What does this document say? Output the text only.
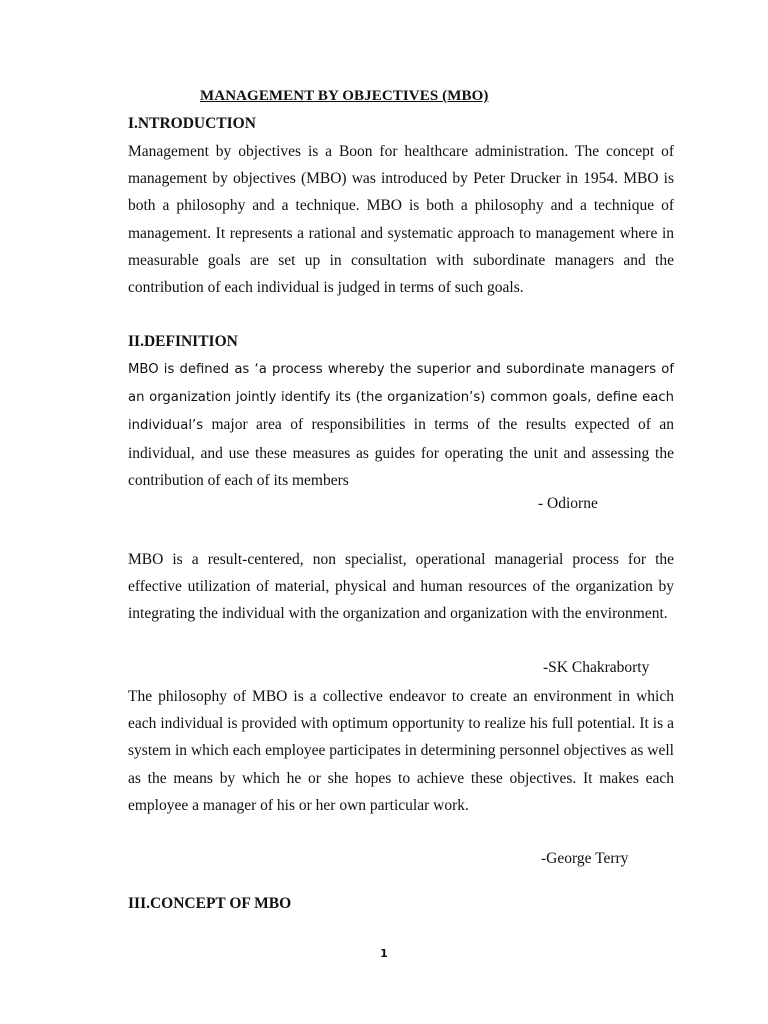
MANAGEMENT BY OBJECTIVES (MBO)
I.NTRODUCTION
Management by objectives is a Boon for healthcare administration. The concept of management by objectives (MBO) was introduced by Peter Drucker in 1954. MBO is both a philosophy and a technique. MBO is both a philosophy and a technique of management. It represents a rational and systematic approach to management where in measurable goals are set up in consultation with subordinate managers and the contribution of each individual is judged in terms of such goals.
II.DEFINITION
MBO is defined as ‘a process whereby the superior and subordinate managers of an organization jointly identify its (the organization’s) common goals, define each individual’s major area of responsibilities in terms of the results expected of an individual, and use these measures as guides for operating the unit and assessing the contribution of each of its members
- Odiorne
MBO is a result-centered, non specialist, operational managerial process for the effective utilization of material, physical and human resources of the organization by integrating the individual with the organization and organization with the environment.
-SK Chakraborty
The philosophy of MBO is a collective endeavor to create an environment in which each individual is provided with optimum opportunity to realize his full potential. It is a system in which each employee participates in determining personnel objectives as well as the means by which he or she hopes to achieve these objectives. It makes each employee a manager of his or her own particular work.
-George Terry
III.CONCEPT OF MBO
1
